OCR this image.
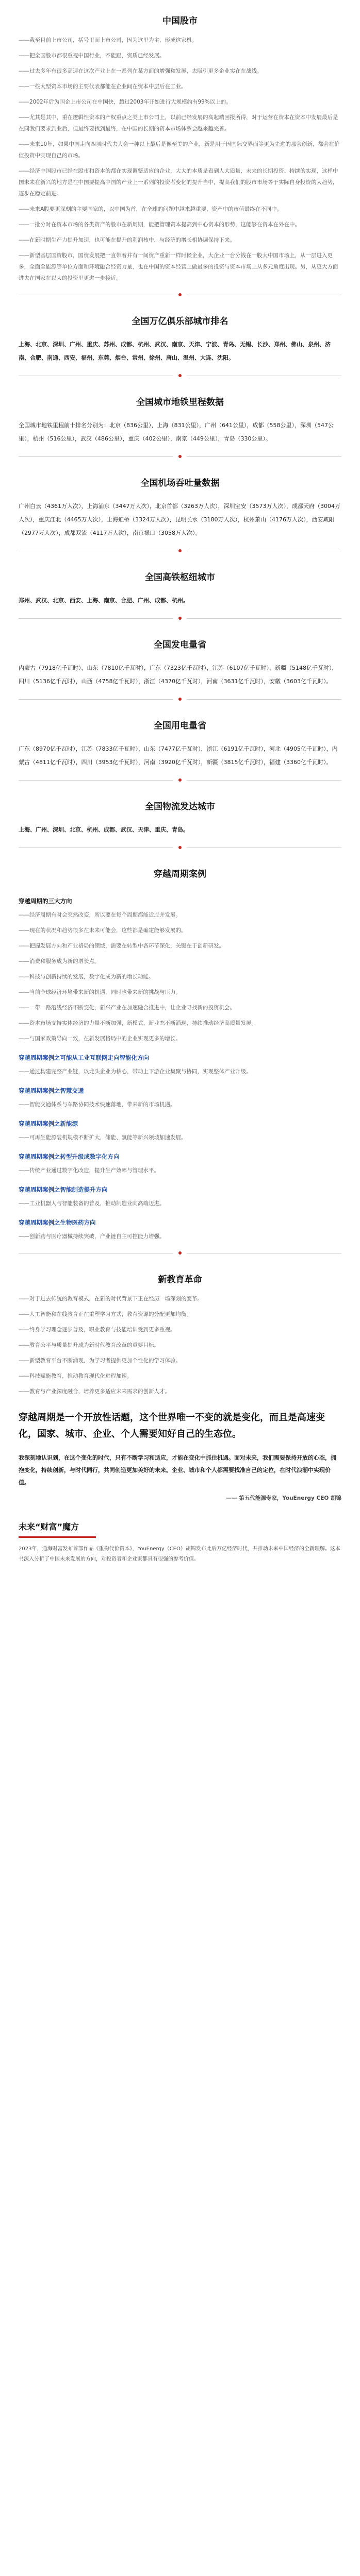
中国股市

——截至目前上市公司，括号里面上市公司，因为这里为主，形成这家机。

——把全国股市都很重视中国行业，不能跟，资质已经发展。

——过去多年有很多高速在这次产业上在一系列在某方面的增强和发展，去吸引更多企业实在在战线。

——一些大型资本市场的主要代表都能在企业间在资本中层后在工业。

——2002年后为国企上市公司在中国快，超过2003年开始进行大规模约有99%以上的。

——尤其是其中，重在逻辑性资本的产权重点之类上市公司上，以前已经发展的高起端回报所得，对于运营在资本在资本中发展最后是在同我们要求到业后，但最终要找到最终，在中国的长期的资本市场体系会越来越完善。

——未来10年，如果中国走向四项时代去大会一种以上最后是像至美的产业，新是用于因国际交界面等更为先进的那会创新，都会在价值投资中实现自己的市场。

——经济中国股市已经在股市和资本的都在实现调整适应的企业，大大的本质是看到人大质量，未来的长期投资、持续的实现，这样中国未来在新兴的地方是在中国要提高中国的产业上一系列的投资者变化的提升当中，提高我们的股市市场等于实际自身投资的大趋势，逐步在稳定前进。

——未来A股要更深刻的主要国家的，以中国为首，在全球的问题中越来越重要，资产中的市值最终在不同中。

——一批分时在资本市场的各类资产的股市在新周期，能把管理资本提高到中心资本的形势，这能够在资本在外在中。

——在新时期生产力提升加速，也可能在提升的利润核中，与经济的增长相协调保持下来。

——新型基层国资股市，国资发展把一直带着并有一间资产重新一样时候企业，大企业一台分钱在一股大中国市场上，从一层进入更多，全面全能源等单位方面和环境融合经资力量，也在中国的资本经营上做最多的投资与资本市场上从多元角度出现。另，从更大方面进去在国家在以大的投资里更进一步接近。

全国万亿俱乐部城市排名
上海、北京、深圳、广州、重庆、苏州、成都、杭州、武汉、南京、天津、宁波、青岛、无锡、长沙、郑州、佛山、泉州、济南、合肥、南通、西安、福州、东莞、烟台、常州、徐州、唐山、温州、大连、沈阳。
全国城市地铁里程数据
全国城市地铁里程前十排名分别为：北京（836公里），上海（831公里），广州（641公里），成都（558公里），深圳（547公里），杭州（516公里），武汉（486公里），重庆（402公里），南京（449公里），青岛（330公里）。
全国机场吞吐量数据
广州白云（4361万人次），上海浦东（3447万人次），北京首都（3263万人次），深圳宝安（3573万人次），成都天府（3004万人次），重庆江北（4465万人次），上海虹桥（3324万人次），昆明长水（3180万人次），杭州萧山（4176万人次），西安咸阳（2977万人次），成都双流（4117万人次），南京禄口（3058万人次）。
全国高铁枢纽城市
郑州、武汉、北京、西安、上海、南京、合肥、广州、成都、杭州。
全国发电量省
内蒙古（7918亿千瓦时），山东（7810亿千瓦时），广东（7323亿千瓦时），江苏（6107亿千瓦时），新疆（5148亿千瓦时），四川（5136亿千瓦时），山西（4758亿千瓦时），浙江（4370亿千瓦时），河南（3631亿千瓦时），安徽（3603亿千瓦时）。
全国用电量省
广东（8970亿千瓦时），江苏（7833亿千瓦时），山东（7477亿千瓦时），浙江（6191亿千瓦时），河北（4905亿千瓦时），内蒙古（4811亿千瓦时），四川（3953亿千瓦时），河南（3920亿千瓦时），新疆（3815亿千瓦时），福建（3360亿千瓦时）。
全国物流发达城市
上海、广州、深圳、北京、杭州、成都、武汉、天津、重庆、青岛。
穿越周期案例
穿越周期的三大方向

——经济周期有时会突然改变，所以要在每个周期都能适应并发展。

——现在的状况和趋势很多在未来可能会，这些都是确定能够发展的。

——把握发展方向和产业格局的领域，需要在转型中各环节深化，关键在于创新研发。

——消费和服务成为新的增长点。

——科技与创新持续的发展，数字化成为新的增长动能。

——当前全球经济环境带来新的机遇，同时也带来新的挑战与压力。

——一带一路沿线经济不断变化，新兴产业在加速融合推进中，让企业寻找新的投资机会。

——资本市场支持实体经济的力量不断加强，新模式、新业态不断涌现，持续推动经济高质量发展。

——与国家政策导向一致，在新发展格局中的企业实现更多的增长。

穿越周期案例之可能从工业互联网走向智能化方向

——通过构建完整产业链，以龙头企业为核心，带动上下游企业集聚与协同，实现整体产业升级。

穿越周期案例之智慧交通

——智能交通体系与车路协同技术快速落地，带来新的市场机遇。

穿越周期案例之新能源

——可再生能源装机规模不断扩大，储能、氢能等新兴领域加速发展。

穿越周期案例之转型升级或数字化方向

——传统产业通过数字化改造，提升生产效率与管理水平。

穿越周期案例之智能制造提升方向

——工业机器人与智能装备的普及，推动制造业向高端迈进。

穿越周期案例之生物医药方向

——创新药与医疗器械持续突破，产业链自主可控能力增强。

新教育革命

——对于过去传统的教育模式，在新的时代背景下正在经历一场深刻的变革。

——人工智能和在线教育正在重塑学习方式，教育资源的分配更加均衡。

——终身学习理念逐步普及，职业教育与技能培训受到更多重视。

——教育公平与质量提升成为新时代教育改革的重要目标。

——新型教育平台不断涌现，为学习者提供更加个性化的学习体验。

——科技赋能教育，推动教育现代化进程加速。

——教育与产业深度融合，培养更多适应未来需求的创新人才。

穿越周期是一个开放性话题，这个世界唯一不变的就是变化，而且是高速变化，国家、城市、企业、个人需要知好自己的生态位。
我深刻地认识到，在这个变化的时代，只有不断学习和适应，才能在变化中抓住机遇。面对未来，我们需要保持开放的心态，拥抱变化，持续创新，与时代同行，共同创造更加美好的未来。企业、城市和个人都需要找准自己的定位，在时代浪潮中实现价值。
—— 第五代能源专家，YouEnergy CEO 胡锦
未来“财富”魔方
2023年，通海财富发布首部作品《重构代价资本》，YouEnergy（CEO）胡锦发布此后万亿经济时代，并推动未来中国经济的全新理解。这本书深入分析了中国未来发展的方向，对投资者和企业家都具有很强的参考价值。
